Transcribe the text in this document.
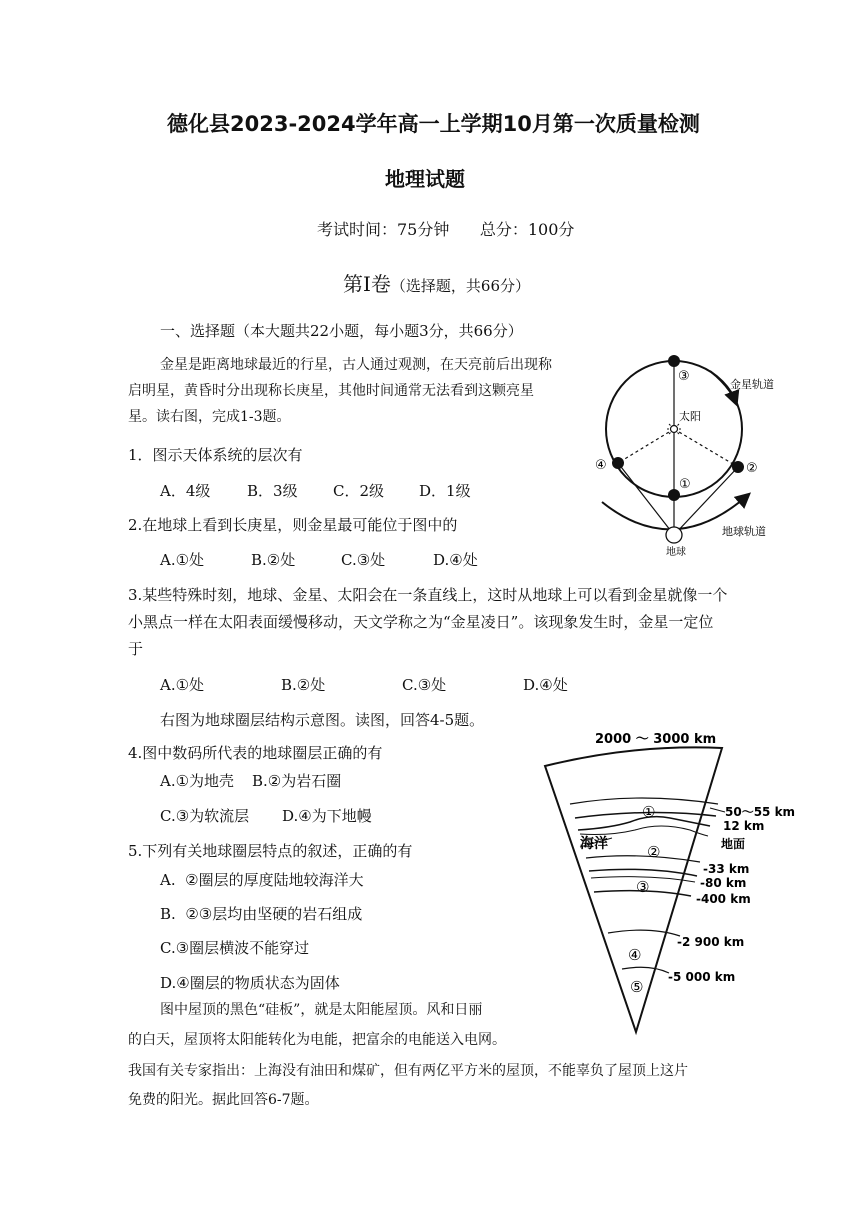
德化县2023-2024学年高一上学期10月第一次质量检测
地理试题
考试时间：75分钟      总分：100分
第Ⅰ卷（选择题，共66分）
一、选择题（本大题共22小题，每小题3分，共66分）
金星是距离地球最近的行星，古人通过观测，在天亮前后出现称启明星，黄昏时分出现称长庚星，其他时间通常无法看到这颗亮星星。读右图，完成1-3题。
1．图示天体系统的层次有
A．4级 B．3级 C．2级 D．1级
2.在地球上看到长庚星，则金星最可能位于图中的
A.①处	B.②处	C.③处	D.④处
3.某些特殊时刻，地球、金星、太阳会在一条直线上，这时从地球上可以看到金星就像一个
小黑点一样在太阳表面缓慢移动，天文学称之为“金星凌日”。该现象发生时，金星一定位
于
A.①处	B.②处	C.③处	D.④处
右图为地球圈层结构示意图。读图，回答4-5题。
4.图中数码所代表的地球圈层正确的有
A.①为地壳 B.②为岩石圈
C.③为软流层 D.④为下地幔
5.下列有关地球圈层特点的叙述，正确的有
A.  ②圈层的厚度陆地较海洋大
B.  ②③层均由坚硬的岩石组成
C.③圈层横波不能穿过
D.④圈层的物质状态为固体
图中屋顶的黑色“硅板”，就是太阳能屋顶。风和日丽
的白天，屋顶将太阳能转化为电能，把富余的电能送入电网。
我国有关专家指出：上海没有油田和煤矿，但有两亿平方米的屋顶，不能辜负了屋顶上这片
免费的阳光。据此回答6-7题。
太阳
③
④	②
①
地球
金星轨道
地球轨道
2000 ～ 3000 km
①
②
③
④
⑤
海洋
50～55 km
12 km
地面
-33 km
-80 km
-400 km
-2 900 km
-5 000 km
